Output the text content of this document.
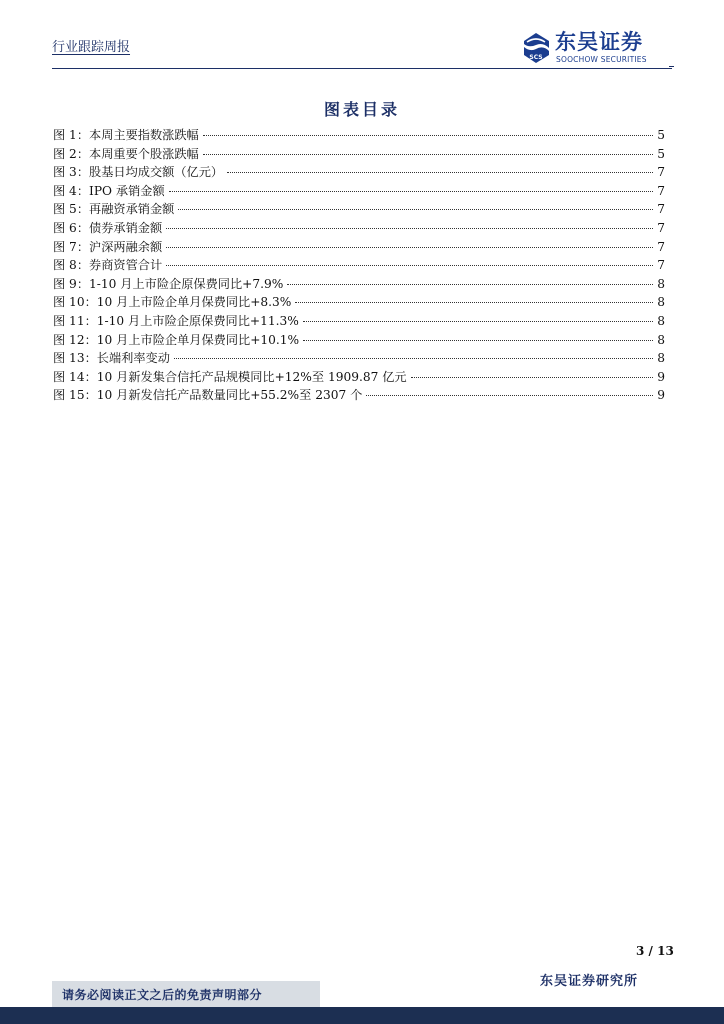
行业跟踪周报
SCS
东吴证券
SOOCHOW SECURITIES
图表目录
图 1：本周主要指数涨跌幅	5
图 2：本周重要个股涨跌幅	5
图 3：股基日均成交额（亿元）	7
图 4：IPO 承销金额	7
图 5：再融资承销金额	7
图 6：债券承销金额	7
图 7：沪深两融余额	7
图 8：券商资管合计	7
图 9：1-10 月上市险企原保费同比+7.9%	8
图 10：10 月上市险企单月保费同比+8.3%	8
图 11：1-10 月上市险企原保费同比+11.3%	8
图 12：10 月上市险企单月保费同比+10.1%	8
图 13：长端利率变动	8
图 14：10 月新发集合信托产品规模同比+12%至 1909.87 亿元	9
图 15：10 月新发信托产品数量同比+55.2%至 2307 个	9
3 / 13
东吴证券研究所
请务必阅读正文之后的免责声明部分
